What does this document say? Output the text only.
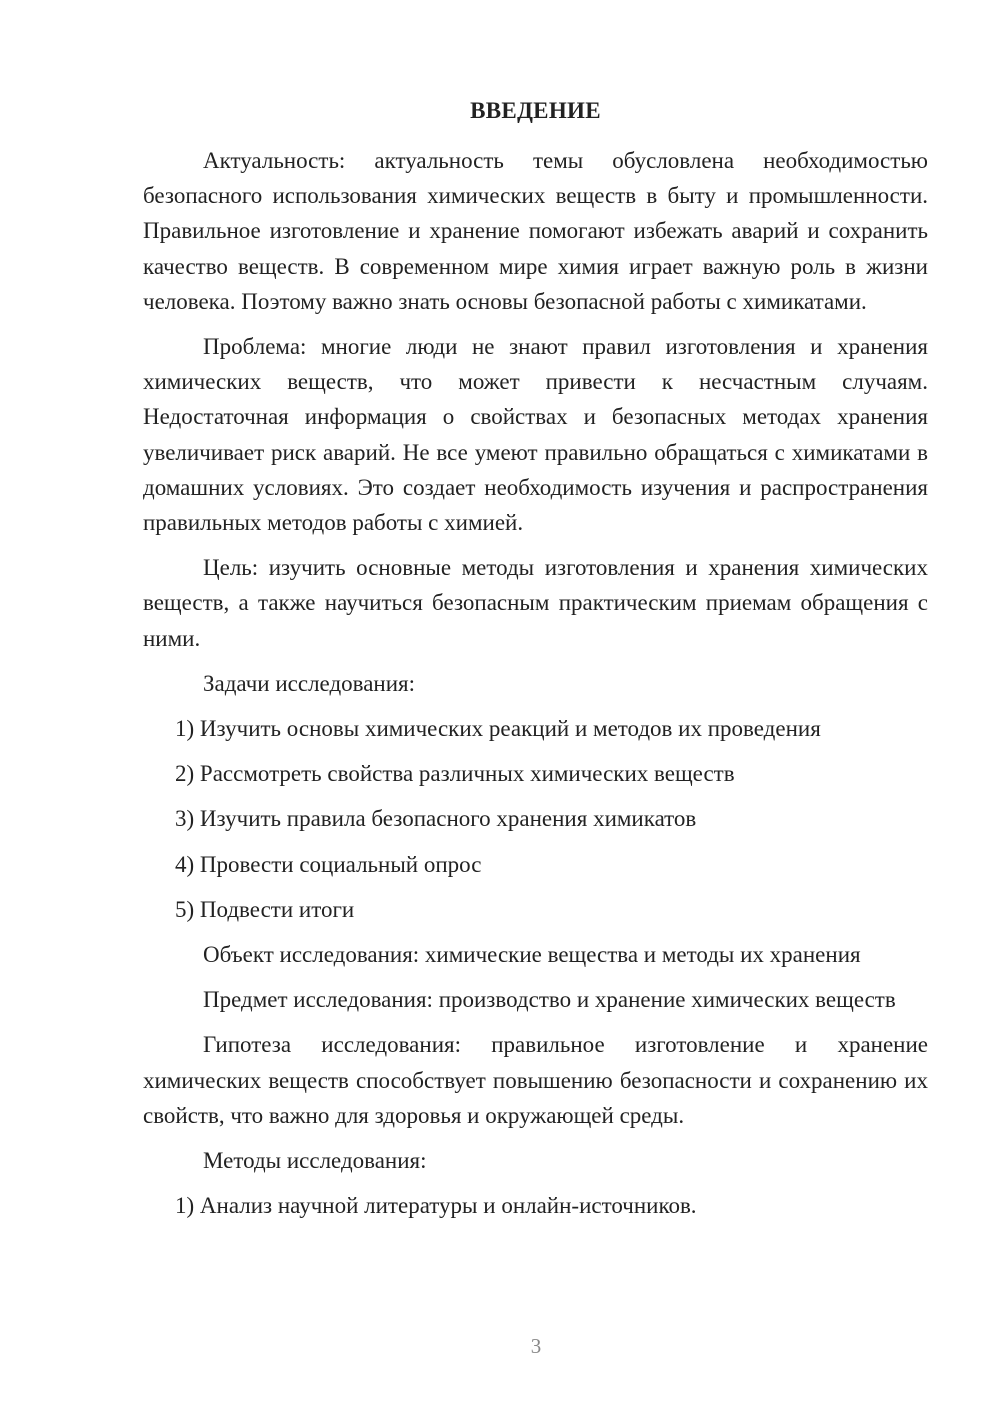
ВВЕДЕНИЕ

Актуальность: актуальность темы обусловлена необходимостью безопасного использования химических веществ в быту и промышленности. Правильное изготовление и хранение помогают избежать аварий и сохранить качество веществ. В современном мире химия играет важную роль в жизни человека. Поэтому важно знать основы безопасной работы с химикатами.

Проблема: многие люди не знают правил изготовления и хранения химических веществ, что может привести к несчастным случаям. Недостаточная информация о свойствах и безопасных методах хранения увеличивает риск аварий. Не все умеют правильно обращаться с химикатами в домашних условиях. Это создает необходимость изучения и распространения правильных методов работы с химией.

Цель: изучить основные методы изготовления и хранения химических веществ, а также научиться безопасным практическим приемам обращения с ними.

Задачи исследования:

1) Изучить основы химических реакций и методов их проведения
2) Рассмотреть свойства различных химических веществ
3) Изучить правила безопасного хранения химикатов
4) Провести социальный опрос
5) Подвести итоги

Объект исследования: химические вещества и методы их хранения

Предмет исследования: производство и хранение химических веществ

Гипотеза исследования: правильное изготовление и хранение химических веществ способствует повышению безопасности и сохранению их свойств, что важно для здоровья и окружающей среды.

Методы исследования:

1) Анализ научной литературы и онлайн-источников.
3
